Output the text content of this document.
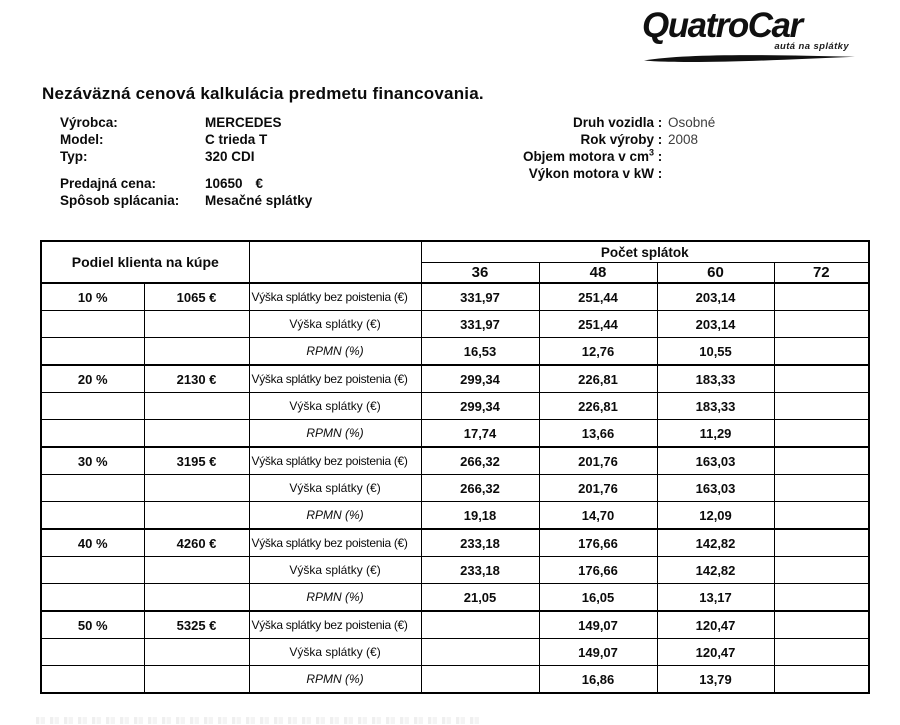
QuatroCar
autá na splátky
Nezáväzná cenová kalkulácia predmetu financovania.
Výrobca:	MERCEDES
Model:	C trieda T
Typ:	320 CDI
Predajná cena:	10650 €
Spôsob splácania:	Mesačné splátky
Druh vozidla : Osobné
Rok výroby : 2008
Objem motora v $cm^3$ :
Výkon motora v kW :
Podiel klienta na kúpe			Počet splátok			
			36	48	60	72
10 %	1065 €	Výška splátky bez poistenia (€)	331,97	251,44	203,14	
		Výška splátky (€)	331,97	251,44	203,14	
		RPMN (%)	16,53	12,76	10,55	
20 %	2130 €	Výška splátky bez poistenia (€)	299,34	226,81	183,33	
		Výška splátky (€)	299,34	226,81	183,33	
		RPMN (%)	17,74	13,66	11,29	
30 %	3195 €	Výška splátky bez poistenia (€)	266,32	201,76	163,03	
		Výška splátky (€)	266,32	201,76	163,03	
		RPMN (%)	19,18	14,70	12,09	
40 %	4260 €	Výška splátky bez poistenia (€)	233,18	176,66	142,82	
		Výška splátky (€)	233,18	176,66	142,82	
		RPMN (%)	21,05	16,05	13,17	
50 %	5325 €	Výška splátky bez poistenia (€)		149,07	120,47	
		Výška splátky (€)		149,07	120,47	
		RPMN (%)		16,86	13,79	
